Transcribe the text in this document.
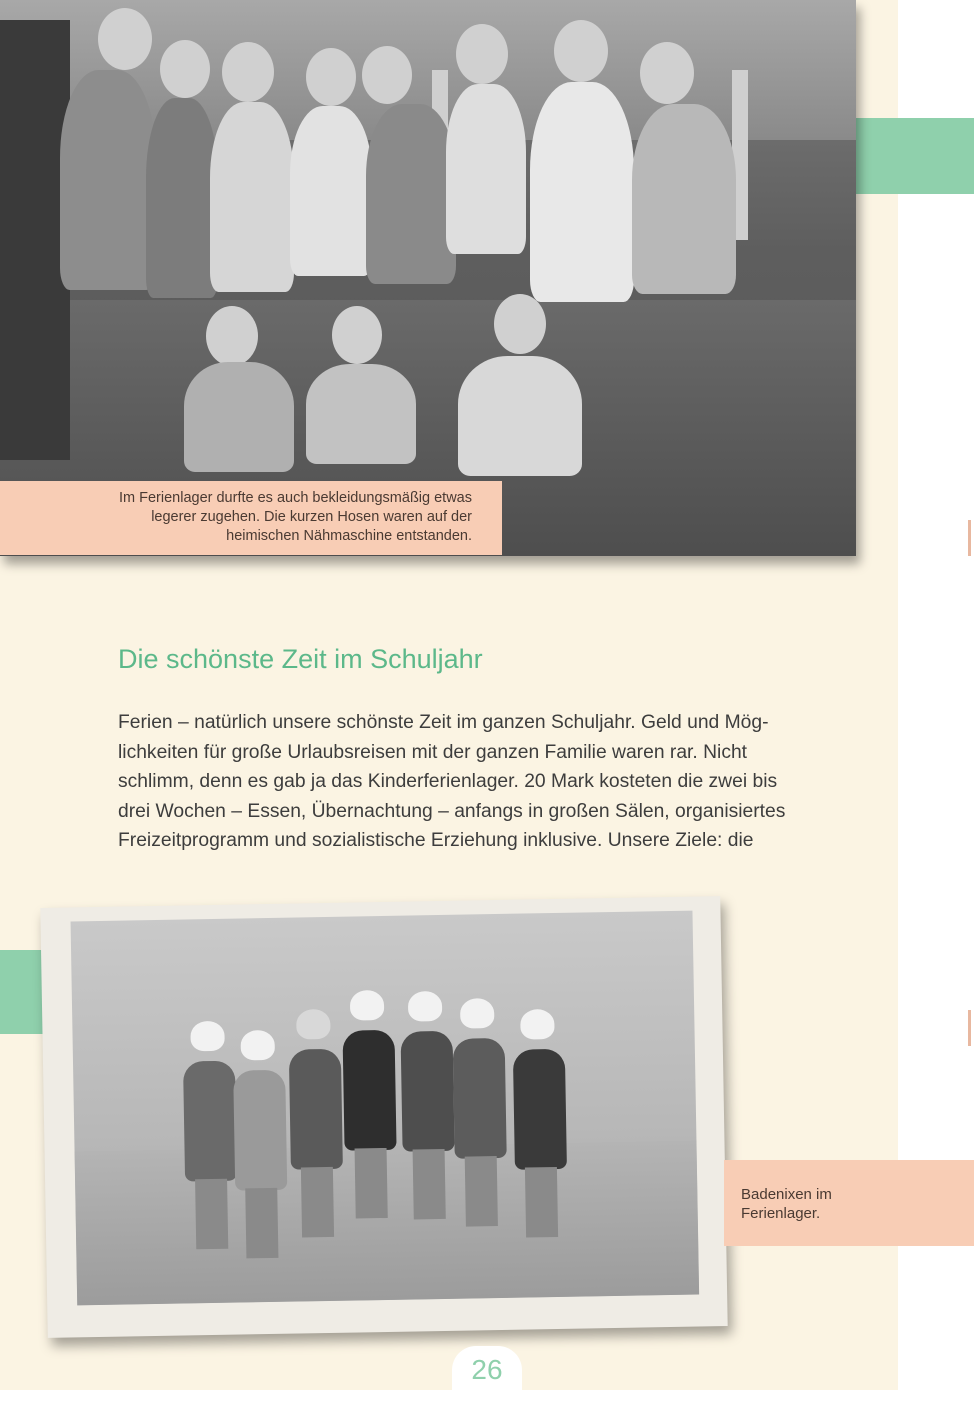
Im Ferienlager durfte es auch bekleidungsmäßig etwas
legerer zugehen. Die kurzen Hosen waren auf der
heimischen Nähmaschine entstanden.
Die schönste Zeit im Schuljahr

Ferien – natürlich unsere schönste Zeit im ganzen Schuljahr. Geld und Mög-
lichkeiten für große Urlaubsreisen mit der ganzen Familie waren rar. Nicht
schlimm, denn es gab ja das Kinderferienlager. 20 Mark kosteten die zwei bis
drei Wochen – Essen, Übernachtung – anfangs in großen Sälen, organisiertes
Freizeitprogramm und sozialistische Erziehung inklusive. Unsere Ziele: die

Badenixen im
Ferienlager.
26
